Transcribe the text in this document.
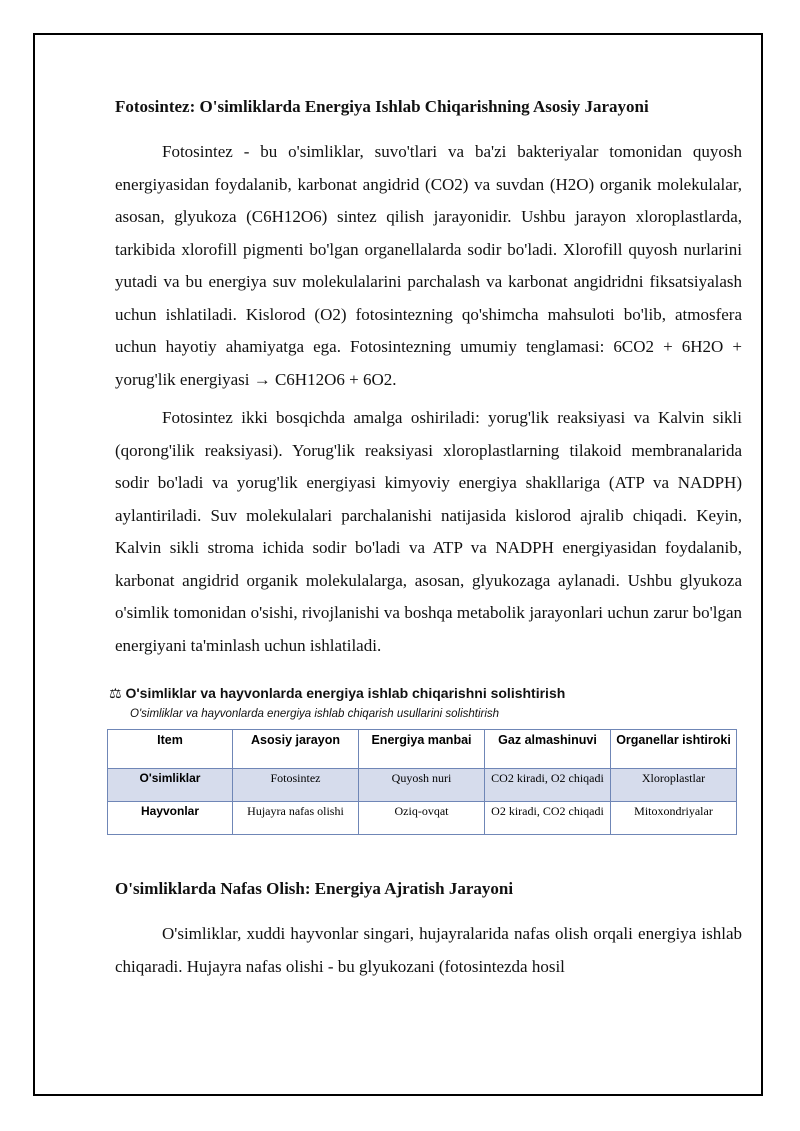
Fotosintez: O'simliklarda Energiya Ishlab Chiqarishning Asosiy Jarayoni

Fotosintez - bu o'simliklar, suvo'tlari va ba'zi bakteriyalar tomonidan quyosh energiyasidan foydalanib, karbonat angidrid (CO2) va suvdan (H2O) organik molekulalar, asosan, glyukoza (C6H12O6) sintez qilish jarayonidir. Ushbu jarayon xloroplastlarda, tarkibida xlorofill pigmenti bo'lgan organellalarda sodir bo'ladi. Xlorofill quyosh nurlarini yutadi va bu energiya suv molekulalarini parchalash va karbonat angidridni fiksatsiyalash uchun ishlatiladi. Kislorod (O2) fotosintezning qo'shimcha mahsuloti bo'lib, atmosfera uchun hayotiy ahamiyatga ega. Fotosintezning umumiy tenglamasi: 6CO2 + 6H2O + yorug'lik energiyasi → C6H12O6 + 6O2.

Fotosintez ikki bosqichda amalga oshiriladi: yorug'lik reaksiyasi va Kalvin sikli (qorong'ilik reaksiyasi). Yorug'lik reaksiyasi xloroplastlarning tilakoid membranalarida sodir bo'ladi va yorug'lik energiyasi kimyoviy energiya shakllariga (ATP va NADPH) aylantiriladi. Suv molekulalari parchalanishi natijasida kislorod ajralib chiqadi. Keyin, Kalvin sikli stroma ichida sodir bo'ladi va ATP va NADPH energiyasidan foydalanib, karbonat angidrid organik molekulalarga, asosan, glyukozaga aylanadi. Ushbu glyukoza o'simlik tomonidan o'sishi, rivojlanishi va boshqa metabolik jarayonlari uchun zarur bo'lgan energiyani ta'minlash uchun ishlatiladi.

⚖ O'simliklar va hayvonlarda energiya ishlab chiqarishni solishtirish
O'simliklar va hayvonlarda energiya ishlab chiqarish usullarini solishtirish
Item	Asosiy jarayon	Energiya manbai	Gaz almashinuvi	Organellar ishtiroki
O'simliklar	Fotosintez	Quyosh nuri	CO2 kiradi, O2 chiqadi	Xloroplastlar
Hayvonlar	Hujayra nafas olishi	Oziq-ovqat	O2 kiradi, CO2 chiqadi	Mitoxondriyalar
O'simliklarda Nafas Olish: Energiya Ajratish Jarayoni

O'simliklar, xuddi hayvonlar singari, hujayralarida nafas olish orqali energiya ishlab chiqaradi. Hujayra nafas olishi - bu glyukozani (fotosintezda hosil
